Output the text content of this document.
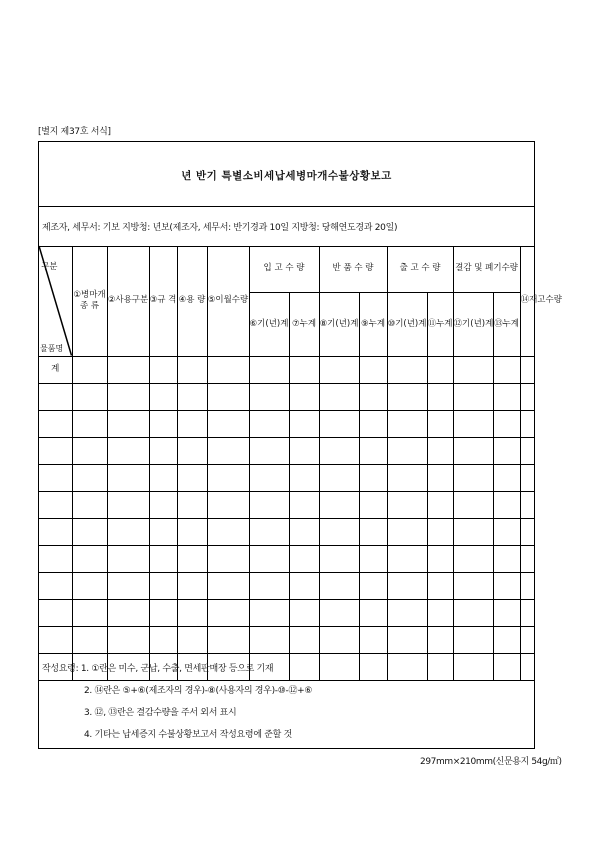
[별지 제37호 서식]
년 반기 특별소비세납세병마개수불상황보고
제조자, 세무서: 기보 지방청: 년보(제조자, 세무서: 반기경과 10일 지방청: 당해연도경과 20일)
구분
물품명	①병마개 종 류	②사용구분	③규 격	④용 량	⑤이월수량	입 고 수 량		반 품 수 량		출 고 수 량		결감 및 폐기수량		⑭재고수량
						⑥기(년)계	⑦누계	⑧기(년)계	⑨누계	⑩기(년)계	⑪누계	⑫기(년)계	⑬누계	
계														

작성요령: 1. ①란은 미수, 군납, 수출, 면세판매장 등으로 기재
2. ⑭란은 ⑤+⑥(제조자의 경우)-⑧(사용자의 경우)-⑩-⑫+⑥
3. ⑫, ⑬란은 결감수량을 주서 외서 표시
4. 기타는 납세증지 수불상황보고서 작성요령에 준할 것
297mm×210mm(신문용지 54g/㎡)
